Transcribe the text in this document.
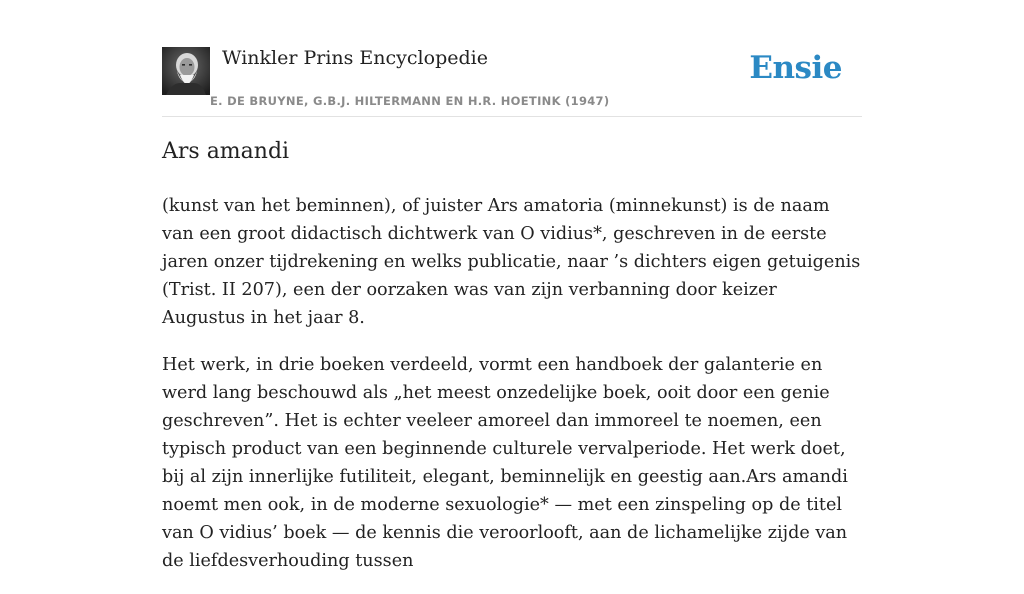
Winkler Prins Encyclopedie
E. DE BRUYNE, G.B.J. HILTERMANN EN H.R. HOETINK (1947)
Ensie
Ars amandi

(kunst van het beminnen), of juister Ars amatoria (minnekunst) is de naam van een groot didactisch dichtwerk van O vidius*, geschreven in de eerste jaren onzer tijdrekening en welks publicatie, naar ’s dichters eigen getuigenis (Trist. II 207), een der oorzaken was van zijn verbanning door keizer Augustus in het jaar 8.

Het werk, in drie boeken verdeeld, vormt een handboek der galanterie en werd lang beschouwd als „het meest onzedelijke boek, ooit door een genie geschreven”. Het is echter veeleer amoreel dan immoreel te noemen, een typisch product van een beginnende culturele vervalperiode. Het werk doet, bij al zijn innerlijke futiliteit, elegant, beminnelijk en geestig aan.Ars amandi noemt men ook, in de moderne sexuologie* — met een zinspeling op de titel van O vidius’ boek — de kennis die veroorlooft, aan de lichamelijke zijde van de liefdesverhouding tussen
